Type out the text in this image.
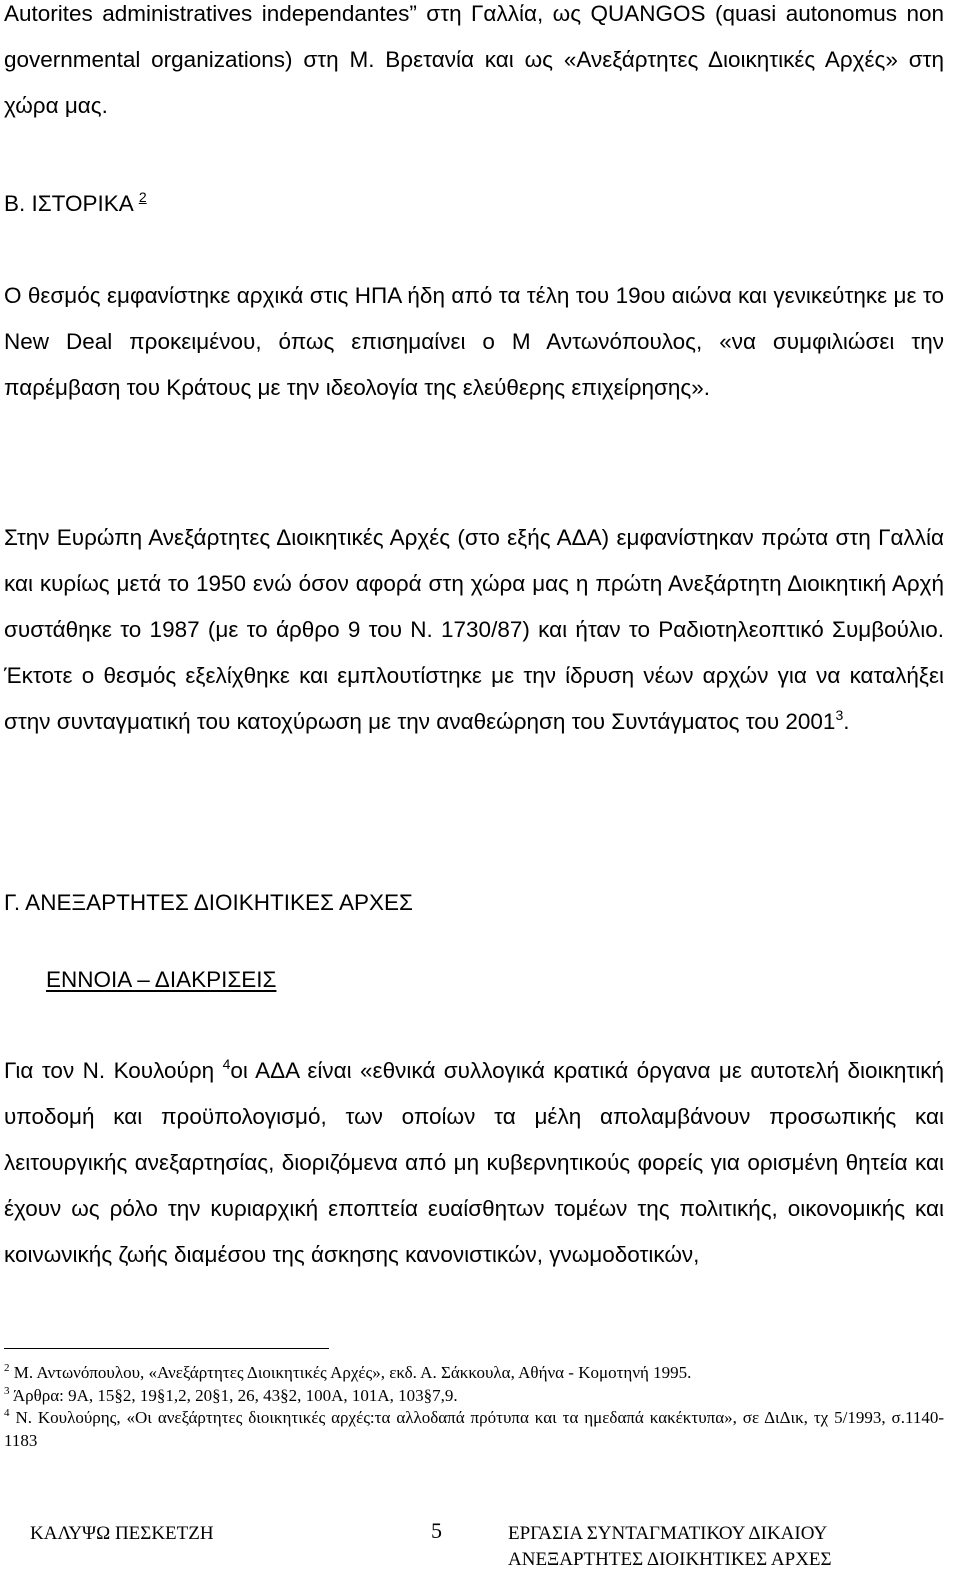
Autorites administratives independantes” στη Γαλλία, ως QUANGOS (quasi autonomus non governmental organizations) στη Μ. Βρετανία και ως «Ανεξάρτητες Διοικητικές Αρχές» στη χώρα μας.

Β. ΙΣΤΟΡΙΚΑ $^2$

Ο θεσμός εμφανίστηκε αρχικά στις ΗΠΑ ήδη από τα τέλη του 19ου αιώνα και γενικεύτηκε με το New Deal προκειμένου, όπως επισημαίνει ο Μ Αντωνόπουλος, «να συμφιλιώσει την παρέμβαση του Κράτους με την ιδεολογία της ελεύθερης επιχείρησης».

Στην Ευρώπη Ανεξάρτητες Διοικητικές Αρχές (στο εξής ΑΔΑ) εμφανίστηκαν πρώτα στη Γαλλία και κυρίως μετά το 1950 ενώ όσον αφορά στη χώρα μας η πρώτη Ανεξάρτητη Διοικητική Αρχή συστάθηκε το 1987 (με το άρθρο 9 του Ν. 1730/87) και ήταν το Ραδιοτηλεοπτικό Συμβούλιο. Έκτοτε ο θεσμός εξελίχθηκε και εμπλουτίστηκε με την ίδρυση νέων αρχών για να καταλήξει στην συνταγματική του κατοχύρωση με την αναθεώρηση του Συντάγματος του 2001$^3$.

Γ. ΑΝΕΞΑΡΤΗΤΕΣ ΔΙΟΙΚΗΤΙΚΕΣ ΑΡΧΕΣ

ΕΝΝΟΙΑ – ΔΙΑΚΡΙΣΕΙΣ

Για τον Ν. Κουλούρη $^4$οι ΑΔΑ είναι «εθνικά συλλογικά κρατικά όργανα με αυτοτελή διοικητική υποδομή και προϋπολογισμό, των οποίων τα μέλη απολαμβάνουν προσωπικής και λειτουργικής ανεξαρτησίας, διοριζόμενα από μη κυβερνητικούς φορείς για ορισμένη θητεία και έχουν ως ρόλο την κυριαρχική εποπτεία ευαίσθητων τομέων της πολιτικής, οικονομικής και κοινωνικής ζωής διαμέσου της άσκησης κανονιστικών, γνωμοδοτικών,

$^2$ Μ. Αντωνόπουλου, «Ανεξάρτητες Διοικητικές Αρχές», εκδ. Α. Σάκκουλα, Αθήνα - Κομοτηνή 1995.

$^3$ Άρθρα: 9Α, 15§2, 19§1,2, 20§1, 26, 43§2, 100Α, 101Α, 103§7,9.

$^4$ Ν. Κουλούρης, «Οι ανεξάρτητες διοικητικές αρχές:τα αλλοδαπά πρότυπα και τα ημεδαπά κακέκτυπα», σε ΔιΔικ, τχ 5/1993, σ.1140-1183

ΚΑΛΥΨΩ ΠΕΣΚΕΤΖΗ	5	ΕΡΓΑΣΙΑ ΣΥΝΤΑΓΜΑΤΙΚΟΥ ΔΙΚΑΙΟΥ
ΑΝΕΞΑΡΤΗΤΕΣ ΔΙΟΙΚΗΤΙΚΕΣ ΑΡΧΕΣ
